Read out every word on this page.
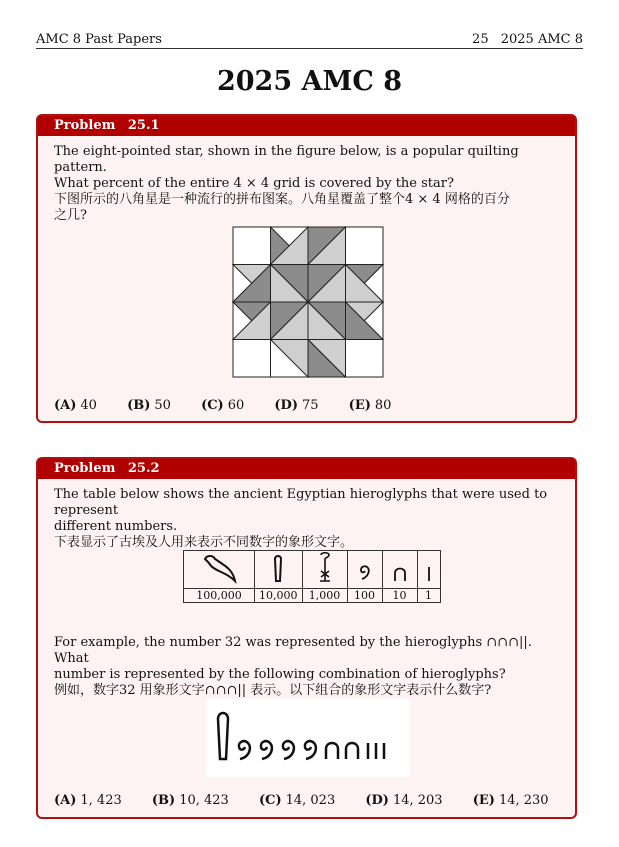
AMC 8 Past Papers	25 2025 AMC 8
2025 AMC 8
Problem 25.1
The eight-pointed star, shown in the figure below, is a popular quilting pattern.
What percent of the entire 4 × 4 grid is covered by the star?
下图所示的八角星是一种流行的拼布图案。八角星覆盖了整个4 × 4 网格的百分
之几?
(A) 40 (B) 50 (C) 60 (D) 75 (E) 80
Problem 25.2
The table below shows the ancient Egyptian hieroglyphs that were used to represent
different numbers.
下表显示了古埃及人用来表示不同数字的象形文字。

100,000	10,000	1,000	100	10	1
For example, the number 32 was represented by the hieroglyphs ∩∩∩||. What
number is represented by the following combination of hieroglyphs?
例如，数字32 用象形文字∩∩∩|| 表示。以下组合的象形文字表示什么数字?
(A) 1, 423 (B) 10, 423 (C) 14, 023 (D) 14, 203 (E) 14, 230
